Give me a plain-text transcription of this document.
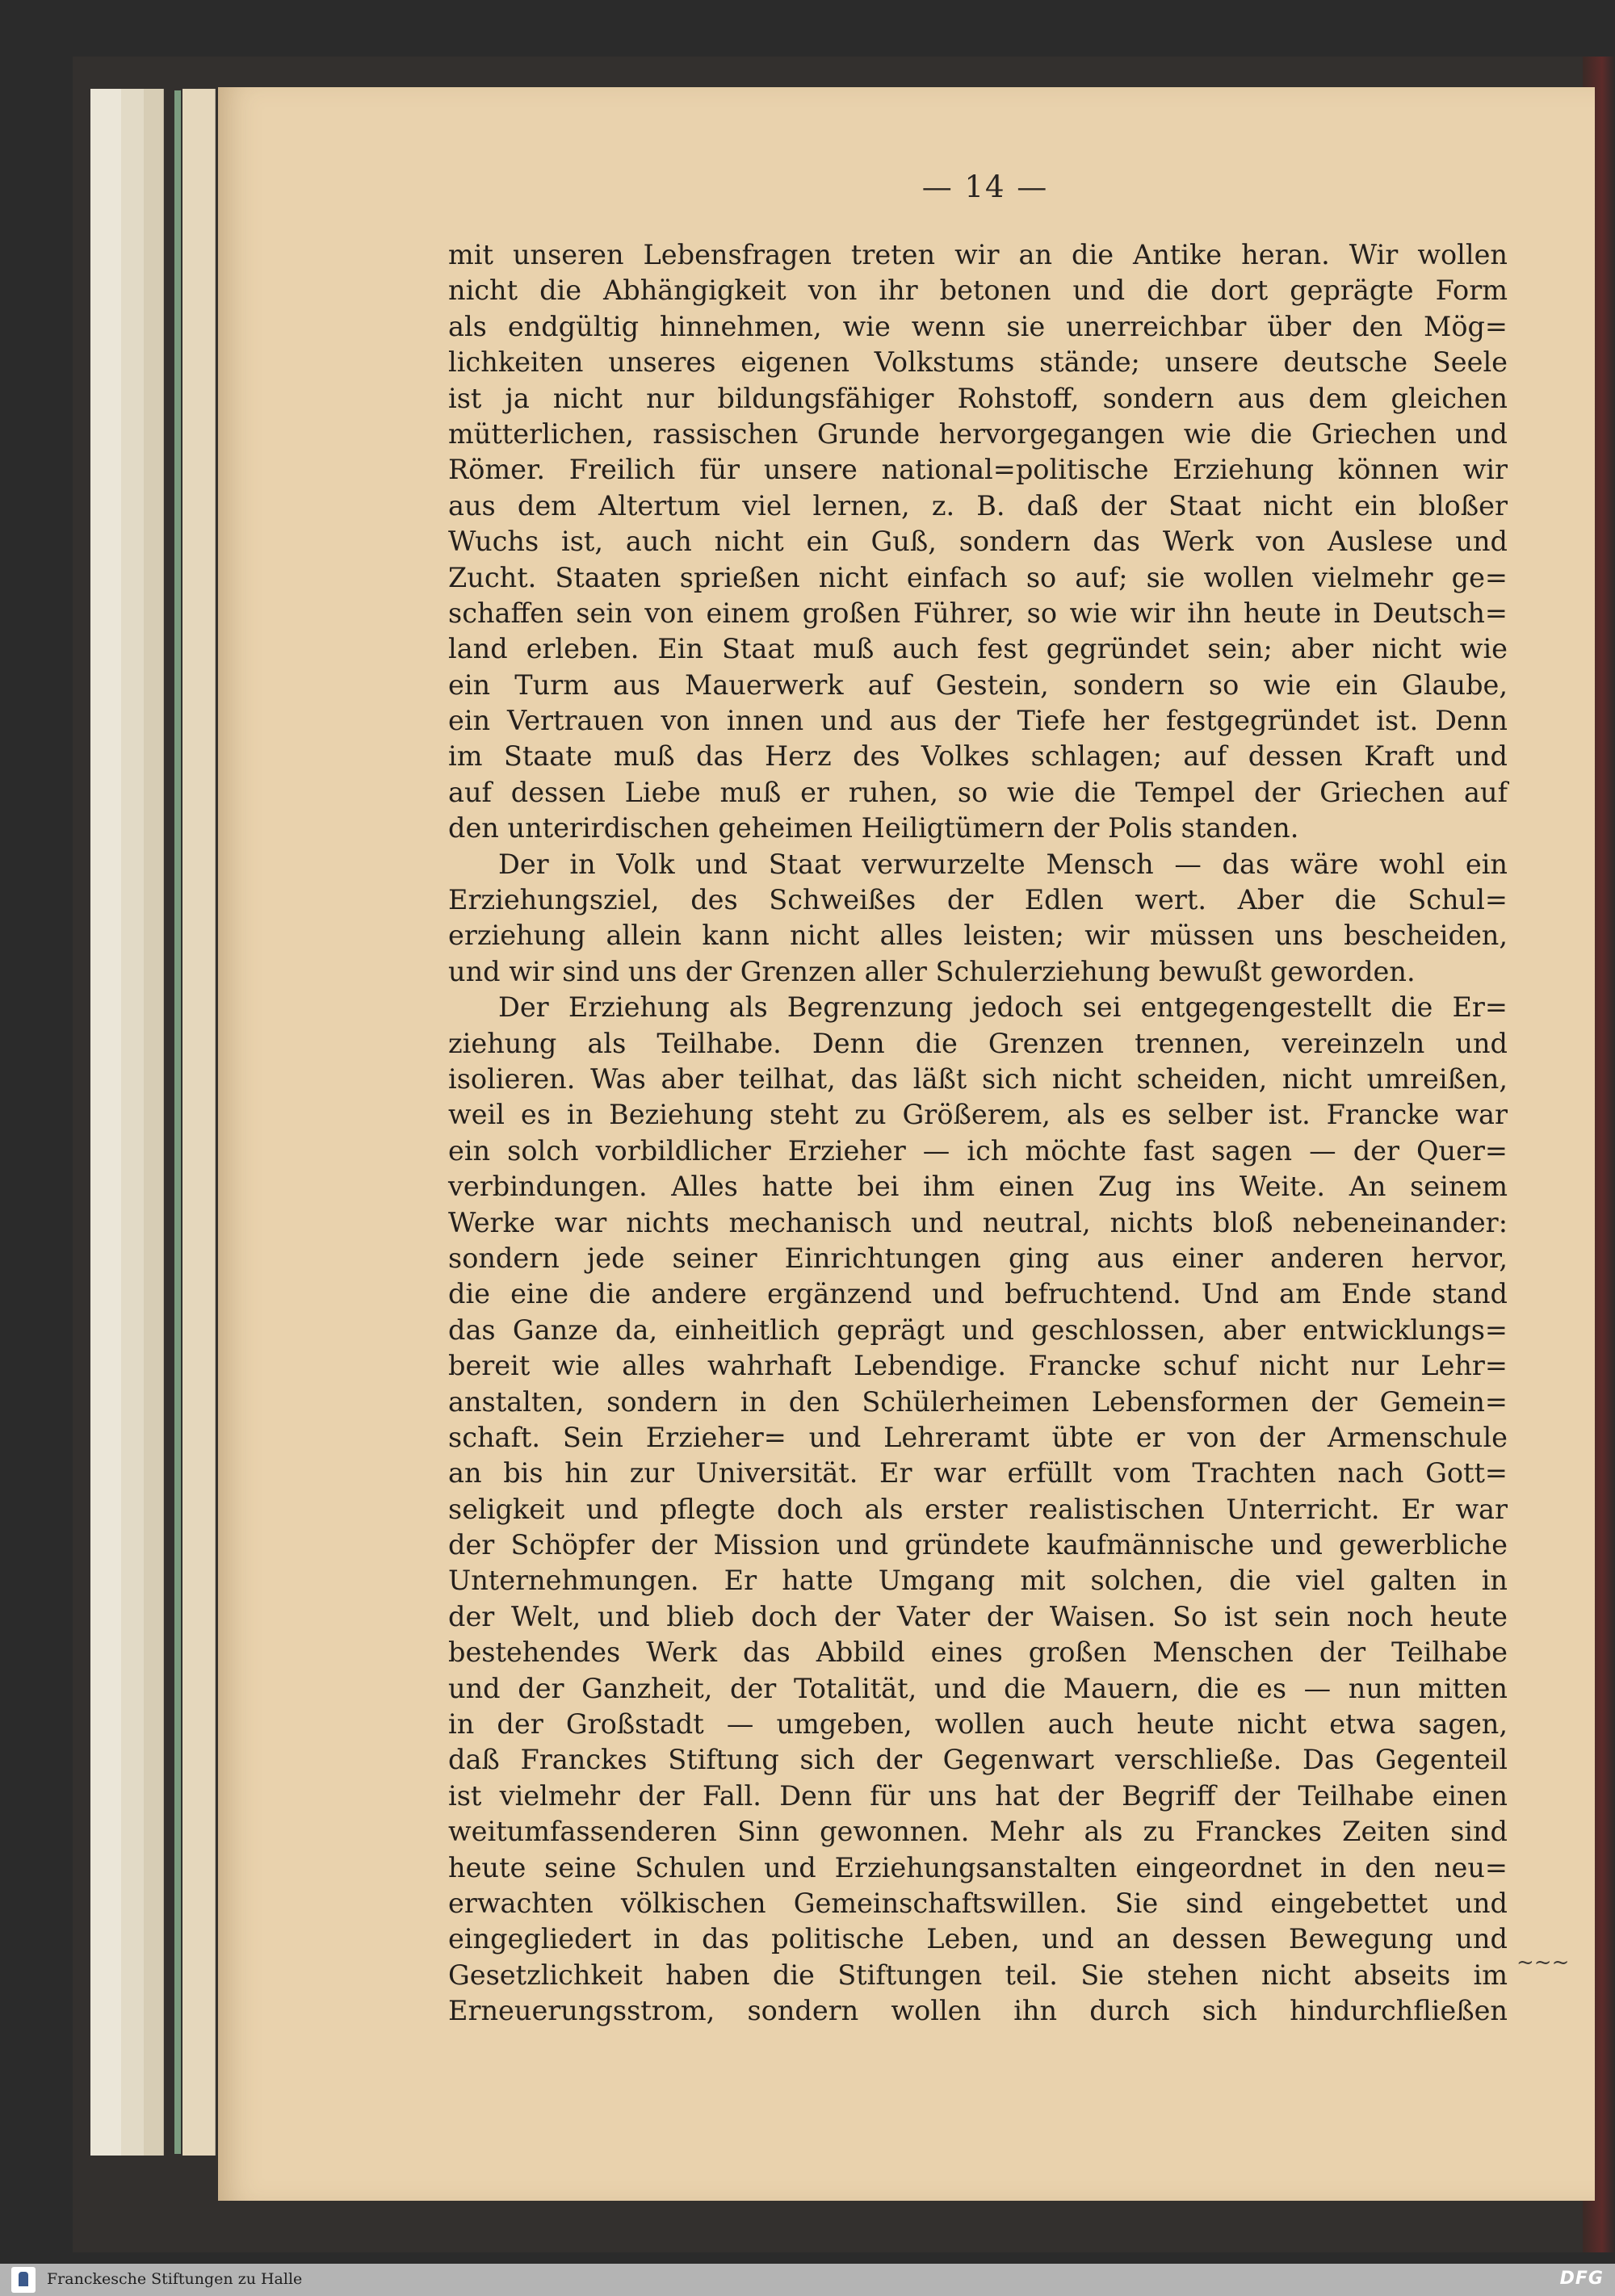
— 14 —
mit unseren Lebensfragen treten wir an die Antike heran. Wir wollen
nicht die Abhängigkeit von ihr betonen und die dort geprägte Form
als endgültig hinnehmen, wie wenn sie unerreichbar über den Mög=
lichkeiten unseres eigenen Volkstums stände; unsere deutsche Seele
ist ja nicht nur bildungsfähiger Rohstoff, sondern aus dem gleichen
mütterlichen, rassischen Grunde hervorgegangen wie die Griechen und
Römer. Freilich für unsere national=politische Erziehung können wir
aus dem Altertum viel lernen, z. B. daß der Staat nicht ein bloßer
Wuchs ist, auch nicht ein Guß, sondern das Werk von Auslese und
Zucht. Staaten sprießen nicht einfach so auf; sie wollen vielmehr ge=
schaffen sein von einem großen Führer, so wie wir ihn heute in Deutsch=
land erleben. Ein Staat muß auch fest gegründet sein; aber nicht wie
ein Turm aus Mauerwerk auf Gestein, sondern so wie ein Glaube,
ein Vertrauen von innen und aus der Tiefe her festgegründet ist. Denn
im Staate muß das Herz des Volkes schlagen; auf dessen Kraft und
auf dessen Liebe muß er ruhen, so wie die Tempel der Griechen auf
den unterirdischen geheimen Heiligtümern der Polis standen.
Der in Volk und Staat verwurzelte Mensch — das wäre wohl ein
Erziehungsziel, des Schweißes der Edlen wert. Aber die Schul=
erziehung allein kann nicht alles leisten; wir müssen uns bescheiden,
und wir sind uns der Grenzen aller Schulerziehung bewußt geworden.
Der Erziehung als Begrenzung jedoch sei entgegengestellt die Er=
ziehung als Teilhabe. Denn die Grenzen trennen, vereinzeln und
isolieren. Was aber teilhat, das läßt sich nicht scheiden, nicht umreißen,
weil es in Beziehung steht zu Größerem, als es selber ist. Francke war
ein solch vorbildlicher Erzieher — ich möchte fast sagen — der Quer=
verbindungen. Alles hatte bei ihm einen Zug ins Weite. An seinem
Werke war nichts mechanisch und neutral, nichts bloß nebeneinander:
sondern jede seiner Einrichtungen ging aus einer anderen hervor,
die eine die andere ergänzend und befruchtend. Und am Ende stand
das Ganze da, einheitlich geprägt und geschlossen, aber entwicklungs=
bereit wie alles wahrhaft Lebendige. Francke schuf nicht nur Lehr=
anstalten, sondern in den Schülerheimen Lebensformen der Gemein=
schaft. Sein Erzieher= und Lehreramt übte er von der Armenschule
an bis hin zur Universität. Er war erfüllt vom Trachten nach Gott=
seligkeit und pflegte doch als erster realistischen Unterricht. Er war
der Schöpfer der Mission und gründete kaufmännische und gewerbliche
Unternehmungen. Er hatte Umgang mit solchen, die viel galten in
der Welt, und blieb doch der Vater der Waisen. So ist sein noch heute
bestehendes Werk das Abbild eines großen Menschen der Teilhabe
und der Ganzheit, der Totalität, und die Mauern, die es — nun mitten
in der Großstadt — umgeben, wollen auch heute nicht etwa sagen,
daß Franckes Stiftung sich der Gegenwart verschließe. Das Gegenteil
ist vielmehr der Fall. Denn für uns hat der Begriff der Teilhabe einen
weitumfassenderen Sinn gewonnen. Mehr als zu Franckes Zeiten sind
heute seine Schulen und Erziehungsanstalten eingeordnet in den neu=
erwachten völkischen Gemeinschaftswillen. Sie sind eingebettet und
eingegliedert in das politische Leben, und an dessen Bewegung und
Gesetzlichkeit haben die Stiftungen teil. Sie stehen nicht abseits im
Erneuerungsstrom, sondern wollen ihn durch sich hindurchfließen
~~~
Franckesche Stiftungen zu Halle	DFG
